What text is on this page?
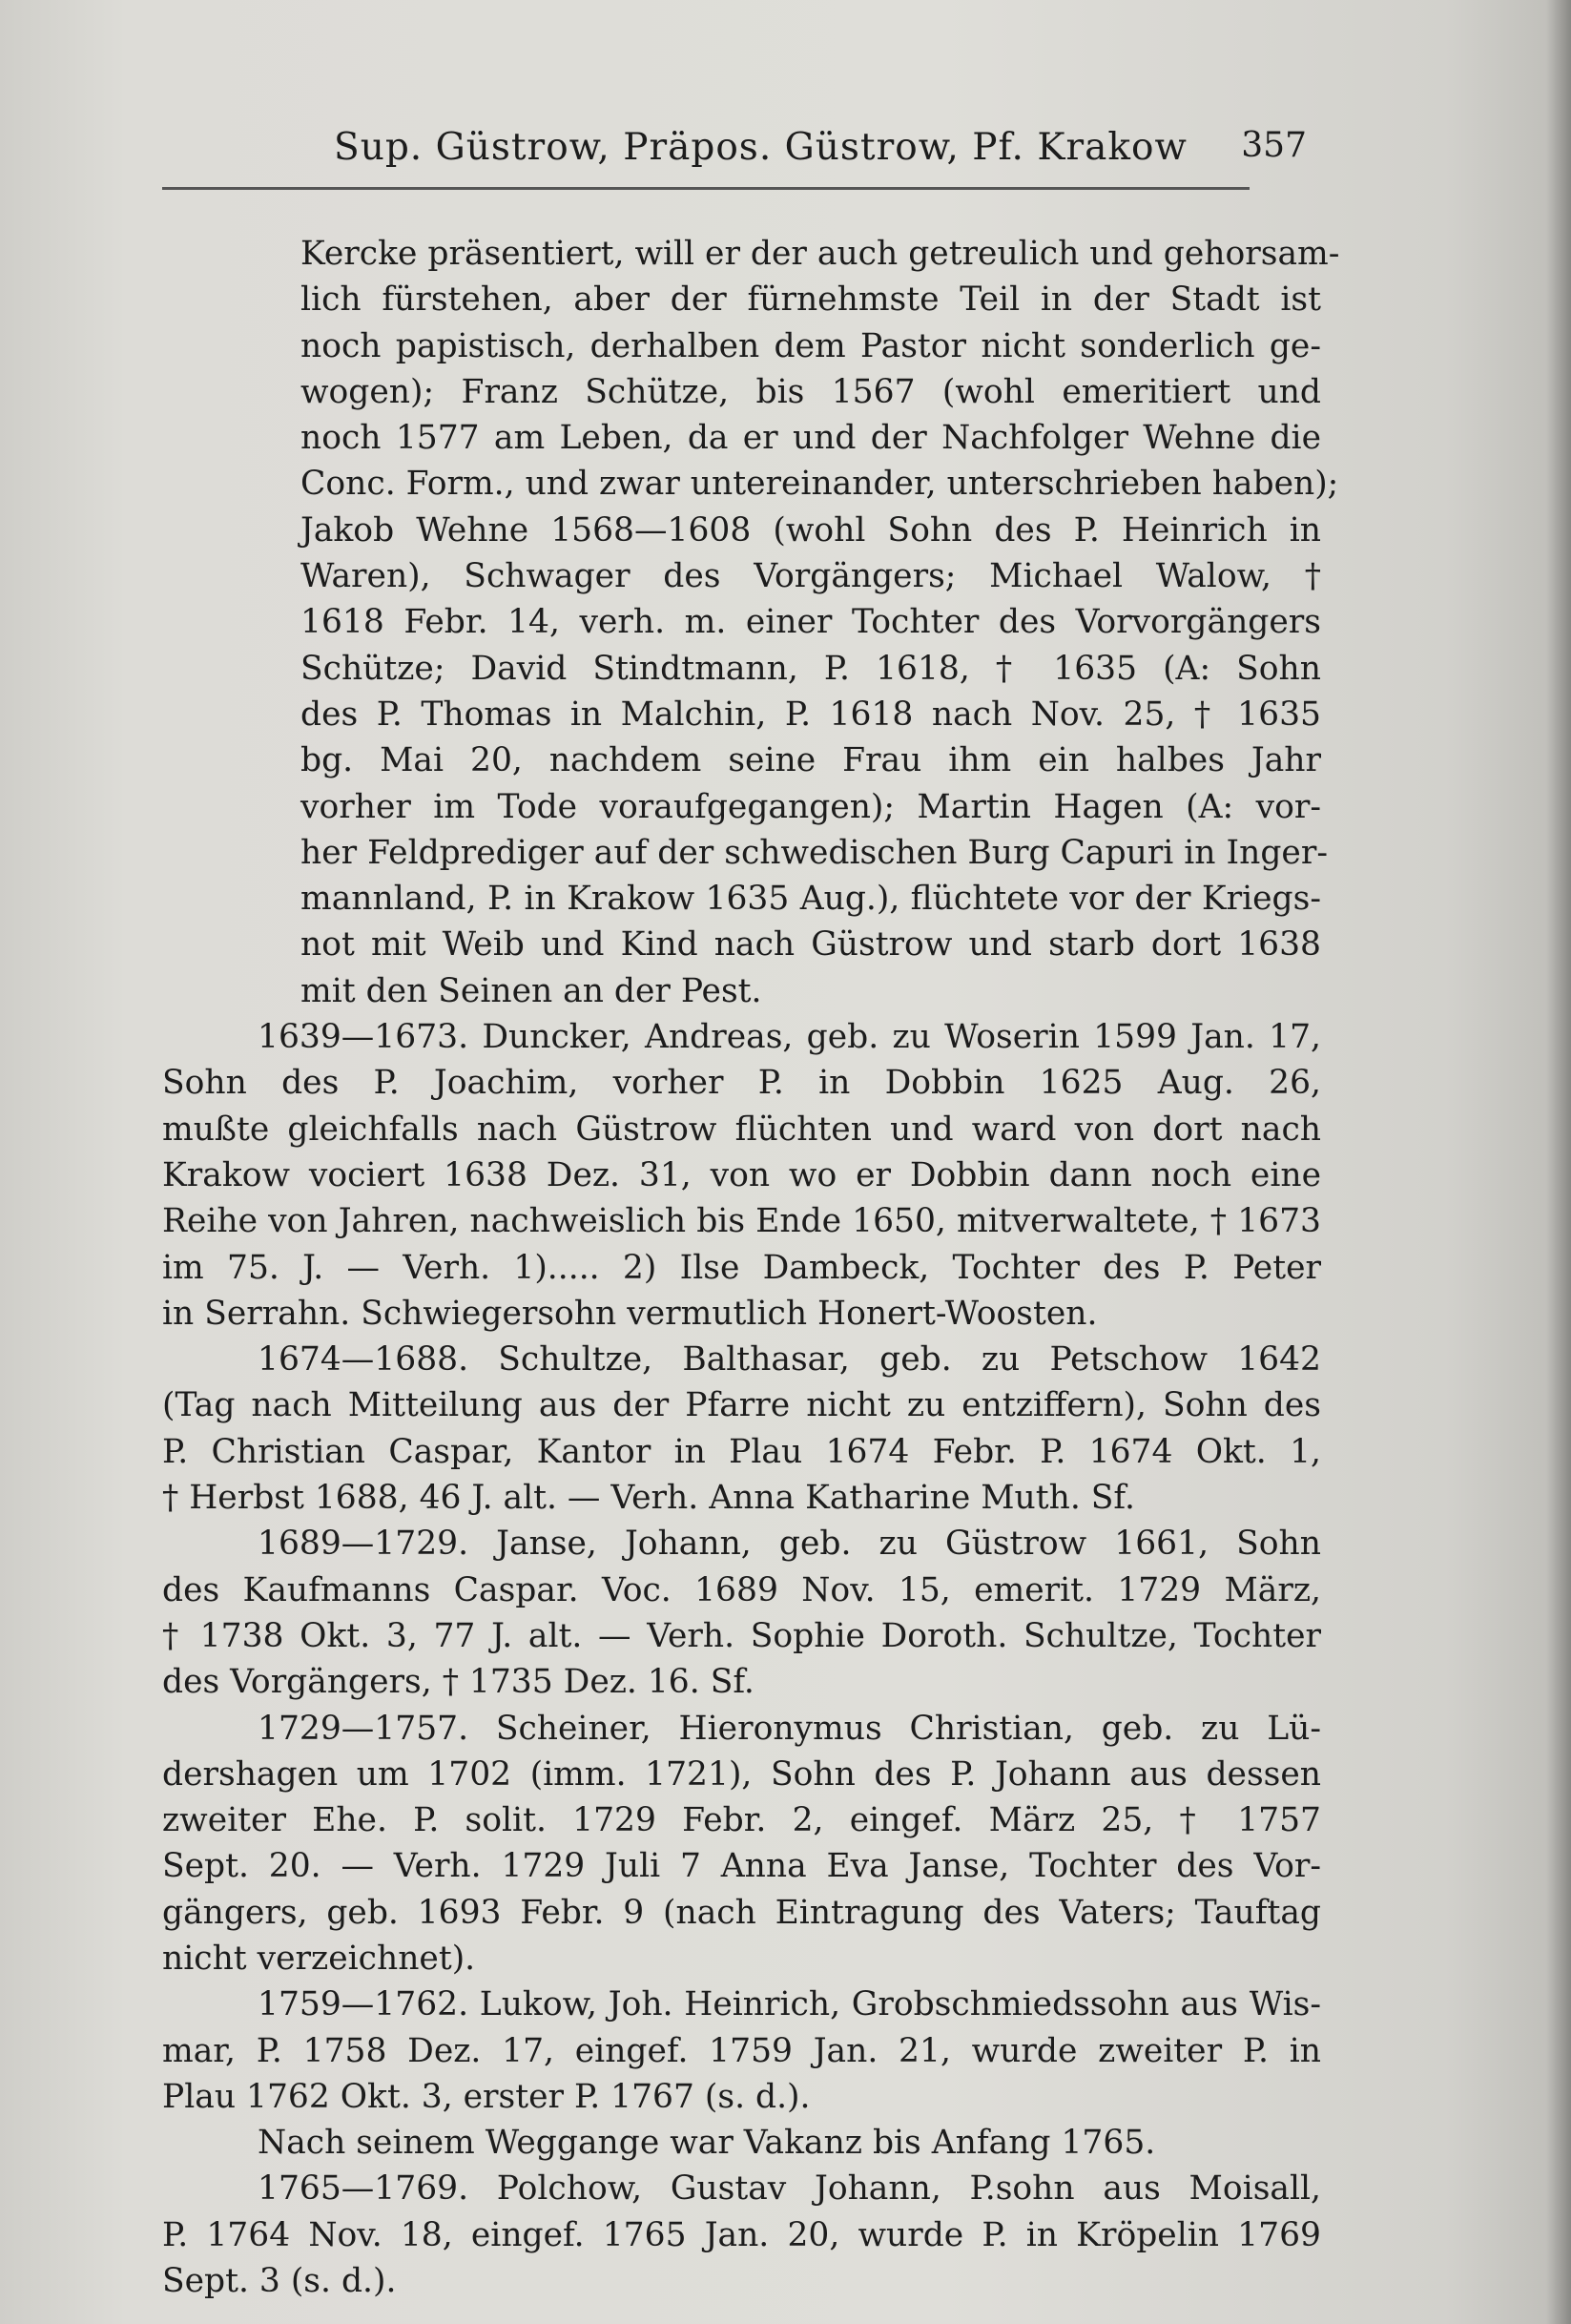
Sup. Güstrow, Präpos. Güstrow, Pf. Krakow 357
Kercke präsentiert, will er der auch getreulich und gehorsam-
lich fürstehen, aber der fürnehmste Teil in der Stadt ist
noch papistisch, derhalben dem Pastor nicht sonderlich ge-
wogen); Franz Schütze, bis 1567 (wohl emeritiert und
noch 1577 am Leben, da er und der Nachfolger Wehne die
Conc. Form., und zwar untereinander, unterschrieben haben);
Jakob Wehne 1568—1608 (wohl Sohn des P. Heinrich in
Waren), Schwager des Vorgängers; Michael Walow, †
1618 Febr. 14, verh. m. einer Tochter des Vorvorgängers
Schütze; David Stindtmann, P. 1618, † 1635 (A: Sohn
des P. Thomas in Malchin, P. 1618 nach Nov. 25, † 1635
bg. Mai 20, nachdem seine Frau ihm ein halbes Jahr
vorher im Tode voraufgegangen); Martin Hagen (A: vor-
her Feldprediger auf der schwedischen Burg Capuri in Inger-
mannland, P. in Krakow 1635 Aug.), flüchtete vor der Kriegs-
not mit Weib und Kind nach Güstrow und starb dort 1638
mit den Seinen an der Pest.
1639—1673. Duncker, Andreas, geb. zu Woserin 1599 Jan. 17,
Sohn des P. Joachim, vorher P. in Dobbin 1625 Aug. 26,
mußte gleichfalls nach Güstrow flüchten und ward von dort nach
Krakow vociert 1638 Dez. 31, von wo er Dobbin dann noch eine
Reihe von Jahren, nachweislich bis Ende 1650, mitverwaltete, † 1673
im 75. J. — Verh. 1)..... 2) Ilse Dambeck, Tochter des P. Peter
in Serrahn. Schwiegersohn vermutlich Honert-Woosten.
1674—1688. Schultze, Balthasar, geb. zu Petschow 1642
(Tag nach Mitteilung aus der Pfarre nicht zu entziffern), Sohn des
P. Christian Caspar, Kantor in Plau 1674 Febr. P. 1674 Okt. 1,
† Herbst 1688, 46 J. alt. — Verh. Anna Katharine Muth. Sf.
1689—1729. Janse, Johann, geb. zu Güstrow 1661, Sohn
des Kaufmanns Caspar. Voc. 1689 Nov. 15, emerit. 1729 März,
† 1738 Okt. 3, 77 J. alt. — Verh. Sophie Doroth. Schultze, Tochter
des Vorgängers, † 1735 Dez. 16. Sf.
1729—1757. Scheiner, Hieronymus Christian, geb. zu Lü-
dershagen um 1702 (imm. 1721), Sohn des P. Johann aus dessen
zweiter Ehe. P. solit. 1729 Febr. 2, eingef. März 25, † 1757
Sept. 20. — Verh. 1729 Juli 7 Anna Eva Janse, Tochter des Vor-
gängers, geb. 1693 Febr. 9 (nach Eintragung des Vaters; Tauftag
nicht verzeichnet).
1759—1762. Lukow, Joh. Heinrich, Grobschmiedssohn aus Wis-
mar, P. 1758 Dez. 17, eingef. 1759 Jan. 21, wurde zweiter P. in
Plau 1762 Okt. 3, erster P. 1767 (s. d.).
Nach seinem Weggange war Vakanz bis Anfang 1765.
1765—1769. Polchow, Gustav Johann, P.sohn aus Moisall,
P. 1764 Nov. 18, eingef. 1765 Jan. 20, wurde P. in Kröpelin 1769
Sept. 3 (s. d.).
